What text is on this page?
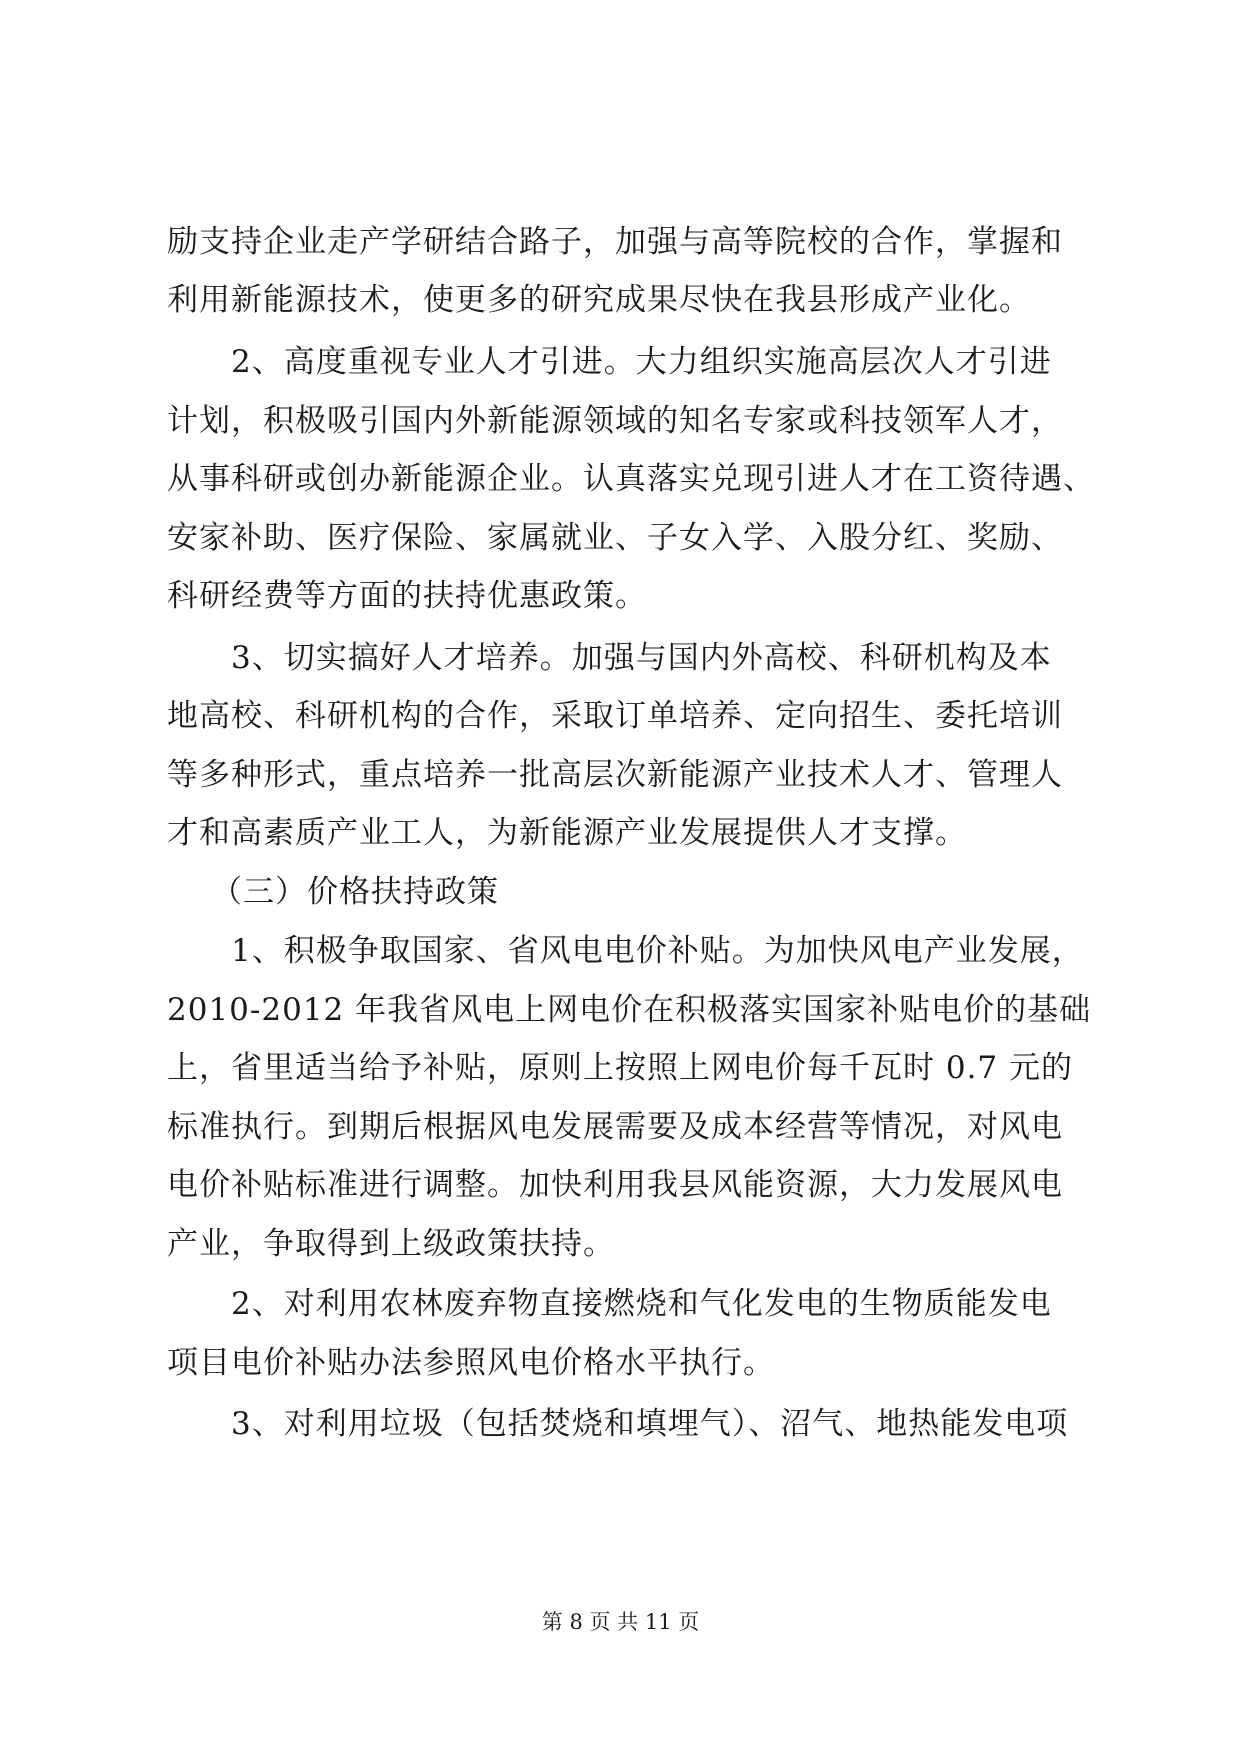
励支持企业走产学研结合路子，加强与高等院校的合作，掌握和
利用新能源技术，使更多的研究成果尽快在我县形成产业化。
2、高度重视专业人才引进。大力组织实施高层次人才引进
计划，积极吸引国内外新能源领域的知名专家或科技领军人才，
从事科研或创办新能源企业。认真落实兑现引进人才在工资待遇、
安家补助、医疗保险、家属就业、子女入学、入股分红、奖励、
科研经费等方面的扶持优惠政策。
3、切实搞好人才培养。加强与国内外高校、科研机构及本
地高校、科研机构的合作，采取订单培养、定向招生、委托培训
等多种形式，重点培养一批高层次新能源产业技术人才、管理人
才和高素质产业工人，为新能源产业发展提供人才支撑。
（三）价格扶持政策
1、积极争取国家、省风电电价补贴。为加快风电产业发展，
2010-2012 年我省风电上网电价在积极落实国家补贴电价的基础
上，省里适当给予补贴，原则上按照上网电价每千瓦时 0.7 元的
标准执行。到期后根据风电发展需要及成本经营等情况，对风电
电价补贴标准进行调整。加快利用我县风能资源，大力发展风电
产业，争取得到上级政策扶持。
2、对利用农林废弃物直接燃烧和气化发电的生物质能发电
项目电价补贴办法参照风电价格水平执行。
3、对利用垃圾（包括焚烧和填埋气）、沼气、地热能发电项
第 8 页 共 11 页
